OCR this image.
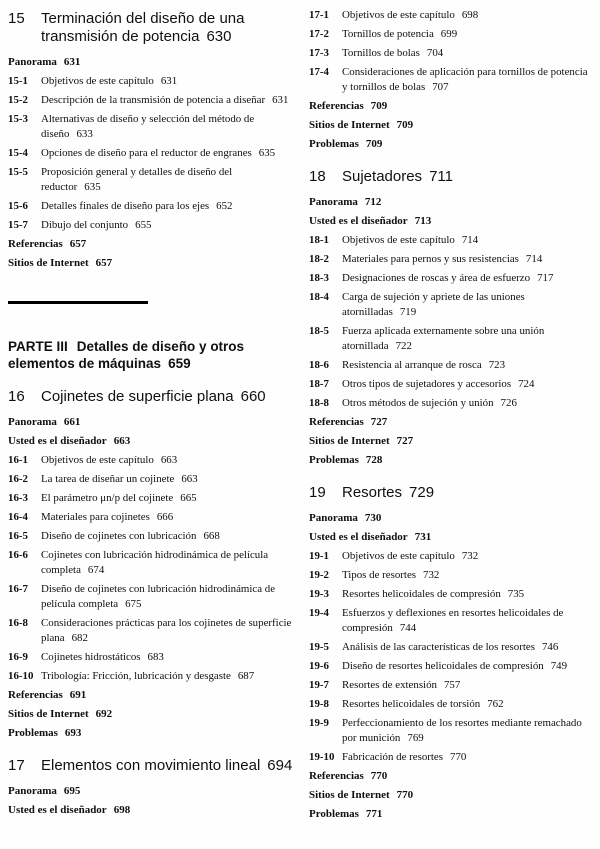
15	Terminación del diseño de una transmisión de potencia 630
Panorama 631
15-1	Objetivos de este capítulo 631
15-2	Descripción de la transmisión de potencia a diseñar 631
15-3	Alternativas de diseño y selección del método de diseño 633
15-4	Opciones de diseño para el reductor de engranes 635
15-5	Proposición general y detalles de diseño del reductor 635
15-6	Detalles finales de diseño para los ejes 652
15-7	Dibujo del conjunto 655
Referencias 657
Sitios de Internet 657
PARTE III Detalles de diseño y otros elementos de máquinas 659
16	Cojinetes de superficie plana 660
Panorama 661
Usted es el diseñador 663
16-1	Objetivos de este capítulo 663
16-2	La tarea de diseñar un cojinete 663
16-3	El parámetro μn/p del cojinete 665
16-4	Materiales para cojinetes 666
16-5	Diseño de cojinetes con lubricación 668
16-6	Cojinetes con lubricación hidrodinámica de película completa 674
16-7	Diseño de cojinetes con lubricación hidrodinámica de película completa 675
16-8	Consideraciones prácticas para los cojinetes de superficie plana 682
16-9	Cojinetes hidrostáticos 683
16-10 Tribología: Fricción, lubricación y desgaste 687
Referencias 691
Sitios de Internet 692
Problemas 693
17	Elementos con movimiento lineal 694
Panorama 695
Usted es el diseñador 698
17-1	Objetivos de este capítulo 698
17-2	Tornillos de potencia 699
17-3	Tornillos de bolas 704
17-4	Consideraciones de aplicación para tornillos de potencia y tornillos de bolas 707
Referencias 709
Sitios de Internet 709
Problemas 709
18	Sujetadores 711
Panorama 712
Usted es el diseñador 713
18-1	Objetivos de este capítulo 714
18-2	Materiales para pernos y sus resistencias 714
18-3	Designaciones de roscas y área de esfuerzo 717
18-4	Carga de sujeción y apriete de las uniones atornilladas 719
18-5	Fuerza aplicada externamente sobre una unión atornillada 722
18-6	Resistencia al arranque de rosca 723
18-7	Otros tipos de sujetadores y accesorios 724
18-8	Otros métodos de sujeción y unión 726
Referencias 727
Sitios de Internet 727
Problemas 728
19	Resortes 729
Panorama 730
Usted es el diseñador 731
19-1	Objetivos de este capítulo 732
19-2	Tipos de resortes 732
19-3	Resortes helicoidales de compresión 735
19-4	Esfuerzos y deflexiones en resortes helicoidales de compresión 744
19-5	Análisis de las características de los resortes 746
19-6	Diseño de resortes helicoidales de compresión 749
19-7	Resortes de extensión 757
19-8	Resortes helicoidales de torsión 762
19-9	Perfeccionamiento de los resortes mediante remachado por munición 769
19-10 Fabricación de resortes 770
Referencias 770
Sitios de Internet 770
Problemas 771
